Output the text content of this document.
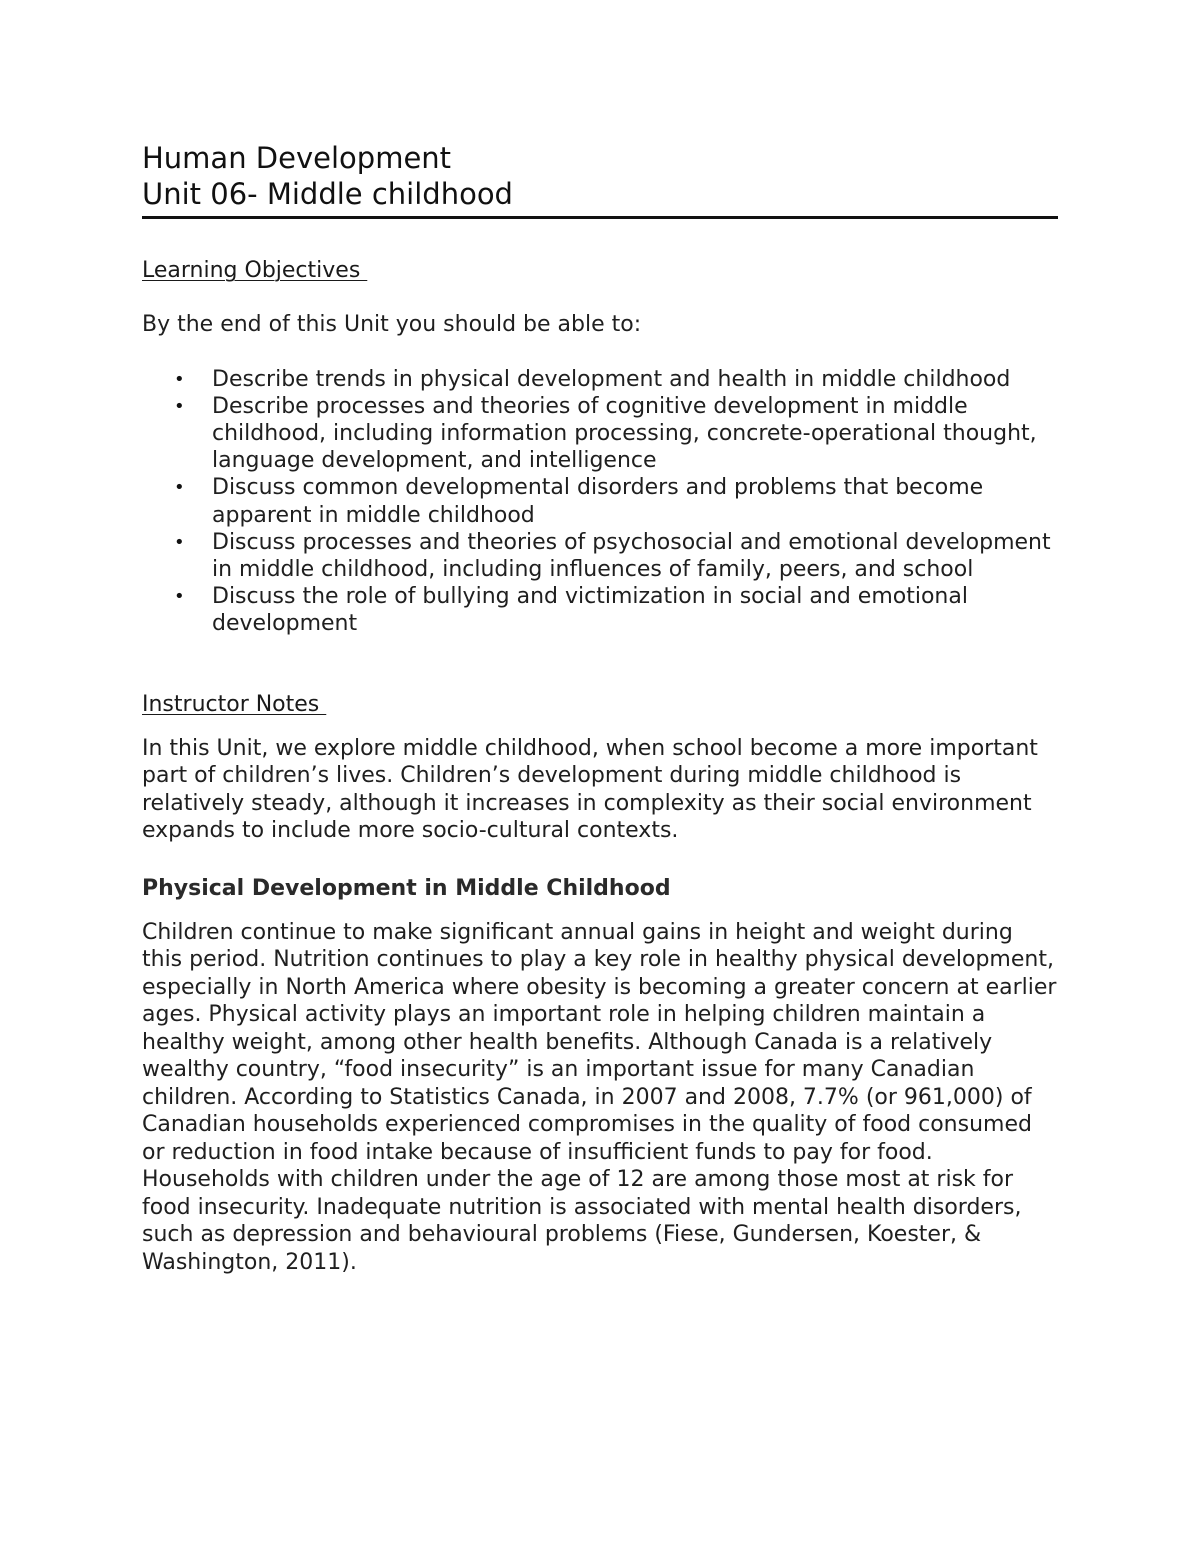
Human Development
Unit 06- Middle childhood
Learning Objectives

By the end of this Unit you should be able to:

• Describe trends in physical development and health in middle childhood
• Describe processes and theories of cognitive development in middle childhood, including information processing, concrete-operational thought, language development, and intelligence
• Discuss common developmental disorders and problems that become apparent in middle childhood
• Discuss processes and theories of psychosocial and emotional development in middle childhood, including influences of family, peers, and school
• Discuss the role of bullying and victimization in social and emotional development
Instructor Notes

In this Unit, we explore middle childhood, when school become a more important part of children’s lives. Children’s development during middle childhood is relatively steady, although it increases in complexity as their social environment expands to include more socio-cultural contexts.

Physical Development in Middle Childhood

Children continue to make significant annual gains in height and weight during this period. Nutrition continues to play a key role in healthy physical development, especially in North America where obesity is becoming a greater concern at earlier ages. Physical activity plays an important role in helping children maintain a healthy weight, among other health benefits. Although Canada is a relatively wealthy country, “food insecurity” is an important issue for many Canadian children. According to Statistics Canada, in 2007 and 2008, 7.7% (or 961,000) of Canadian households experienced compromises in the quality of food consumed or reduction in food intake because of insufficient funds to pay for food. Households with children under the age of 12 are among those most at risk for food insecurity. Inadequate nutrition is associated with mental health disorders, such as depression and behavioural problems (Fiese, Gundersen, Koester, & Washington, 2011).
